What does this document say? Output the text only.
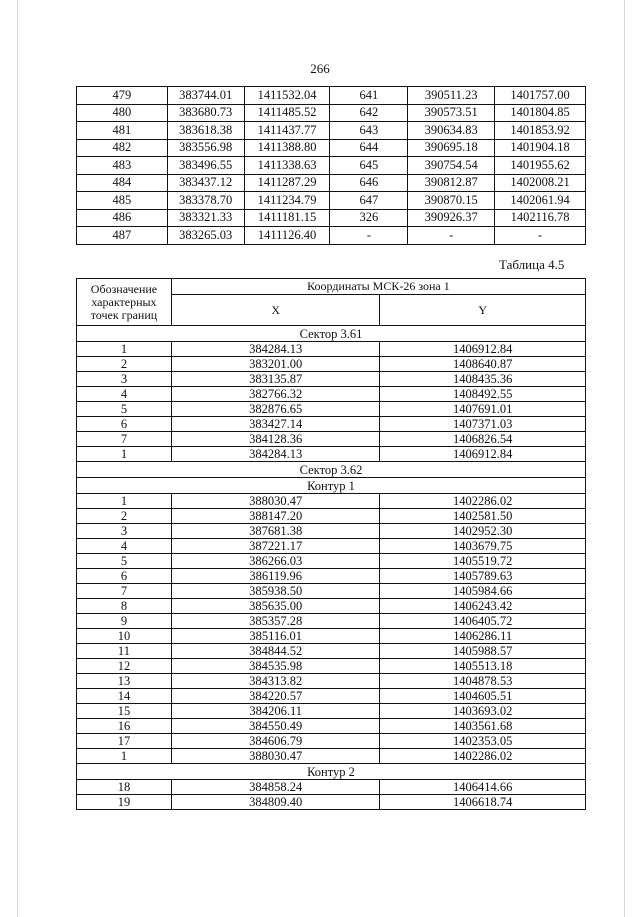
266
479	383744.01	1411532.04	641	390511.23	1401757.00
480	383680.73	1411485.52	642	390573.51	1401804.85
481	383618.38	1411437.77	643	390634.83	1401853.92
482	383556.98	1411388.80	644	390695.18	1401904.18
483	383496.55	1411338.63	645	390754.54	1401955.62
484	383437.12	1411287.29	646	390812.87	1402008.21
485	383378.70	1411234.79	647	390870.15	1402061.94
486	383321.33	1411181.15	326	390926.37	1402116.78
487	383265.03	1411126.40	-	-	-
Таблица 4.5
Обозначение характерных точек границ	Координаты МСК-26 зона 1	
	X	Y
Сектор 3.61		
1	384284.13	1406912.84
2	383201.00	1408640.87
3	383135.87	1408435.36
4	382766.32	1408492.55
5	382876.65	1407691.01
6	383427.14	1407371.03
7	384128.36	1406826.54
1	384284.13	1406912.84
Сектор 3.62		
Контур 1		
1	388030.47	1402286.02
2	388147.20	1402581.50
3	387681.38	1402952.30
4	387221.17	1403679.75
5	386266.03	1405519.72
6	386119.96	1405789.63
7	385938.50	1405984.66
8	385635.00	1406243.42
9	385357.28	1406405.72
10	385116.01	1406286.11
11	384844.52	1405988.57
12	384535.98	1405513.18
13	384313.82	1404878.53
14	384220.57	1404605.51
15	384206.11	1403693.02
16	384550.49	1403561.68
17	384606.79	1402353.05
1	388030.47	1402286.02
Контур 2		
18	384858.24	1406414.66
19	384809.40	1406618.74
